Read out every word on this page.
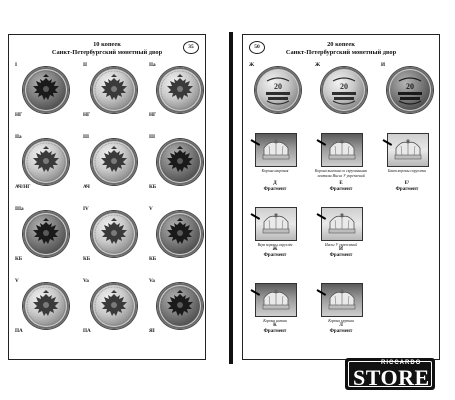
10 копеек
Санкт-Петербургский монетный двор
35
I
НГ
II
НГ
IIa
НГ
IIa
АЧ/НГ
III
АЧ
III
КБ
IIIa
КБ
IV
КБ
V
КБ
V
ПА
Va
ПА
Va
ЯI
50	20 копеек
Санкт-Петербургский монетный двор
Ж
20
Ж
20
И
20
Корона широкая
Д
Фрагмент
Корона высокая со скрученными лентами Инсиг У укреплений
Е
Фрагмент
Бант короны скругленн
Е¹
Фрагмент
Верх короны скруглён
Ж
Фрагмент
Инсиг У укреплений
И
Фрагмент
Корона низкая
К
Фрагмент
Корона крупная
Л
Фрагмент
RICCARDO
STORE
